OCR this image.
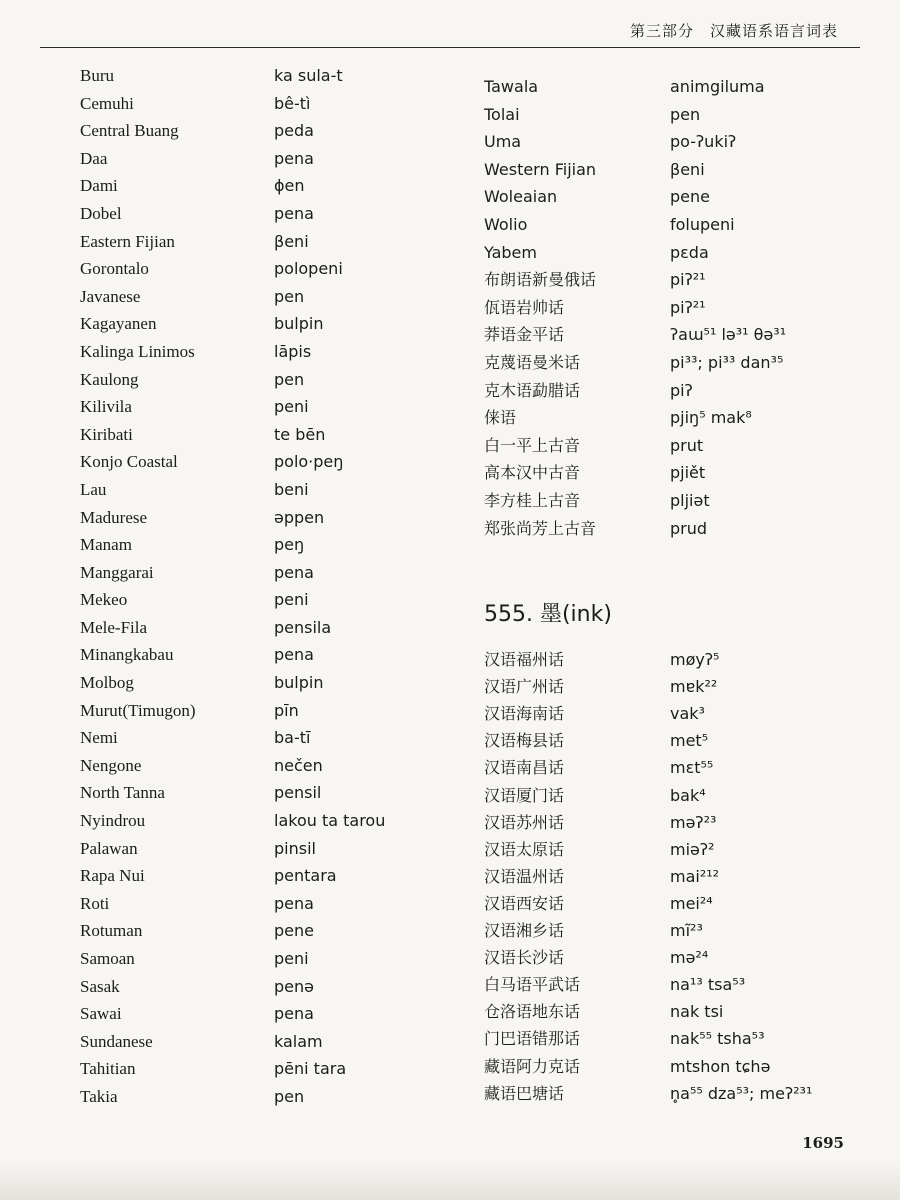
第三部分　汉藏语系语言词表
Buru	ka sula-t
Cemuhi	bê-tì
Central Buang	peda
Daa	pena
Dami	ɸen
Dobel	pena
Eastern Fijian	βeni
Gorontalo	polopeni
Javanese	pen
Kagayanen	bulpin
Kalinga Linimos	lāpis
Kaulong	pen
Kilivila	peni
Kiribati	te bēn
Konjo Coastal	polo·peŋ
Lau	beni
Madurese	əppen
Manam	peŋ
Manggarai	pena
Mekeo	peni
Mele-Fila	pensila
Minangkabau	pena
Molbog	bulpin
Murut(Timugon)	pīn
Nemi	ba-tī
Nengone	nečen
North Tanna	pensil
Nyindrou	lakou ta tarou
Palawan	pinsil
Rapa Nui	pentara
Roti	pena
Rotuman	pene
Samoan	peni
Sasak	penə
Sawai	pena
Sundanese	kalam
Tahitian	pēni tara
Takia	pen
Tawala	animgiluma
Tolai	pen
Uma	po-ʔukiʔ
Western Fijian	βeni
Woleaian	pene
Wolio	folupeni
Yabem	pɛda
布朗语新曼俄话	piʔ²¹
佤语岩帅话	piʔ²¹
莽语金平话	ʔaɯ⁵¹ lə³¹ θə³¹
克蔑语曼米话	pi³³; pi³³ dan³⁵
克木语勐腊话	piʔ
俫语	pjiŋ⁵ mak⁸
白一平上古音	prut
高本汉中古音	pjiět
李方桂上古音	pljiət
郑张尚芳上古音	prud
555. 墨(ink)
汉语福州话	møyʔ⁵
汉语广州话	mɐk²²
汉语海南话	vak³
汉语梅县话	met⁵
汉语南昌话	mɛt⁵⁵
汉语厦门话	bak⁴
汉语苏州话	məʔ²³
汉语太原话	miəʔ²
汉语温州话	mai²¹²
汉语西安话	mei²⁴
汉语湘乡话	mĩ²³
汉语长沙话	mə²⁴
白马语平武话	na¹³ tsa⁵³
仓洛语地东话	nak tsi
门巴语错那话	nak⁵⁵ tsha⁵³
藏语阿力克话	mtshon tɕhə
藏语巴塘话	n̥a⁵⁵ dza⁵³; meʔ²³¹
1695
